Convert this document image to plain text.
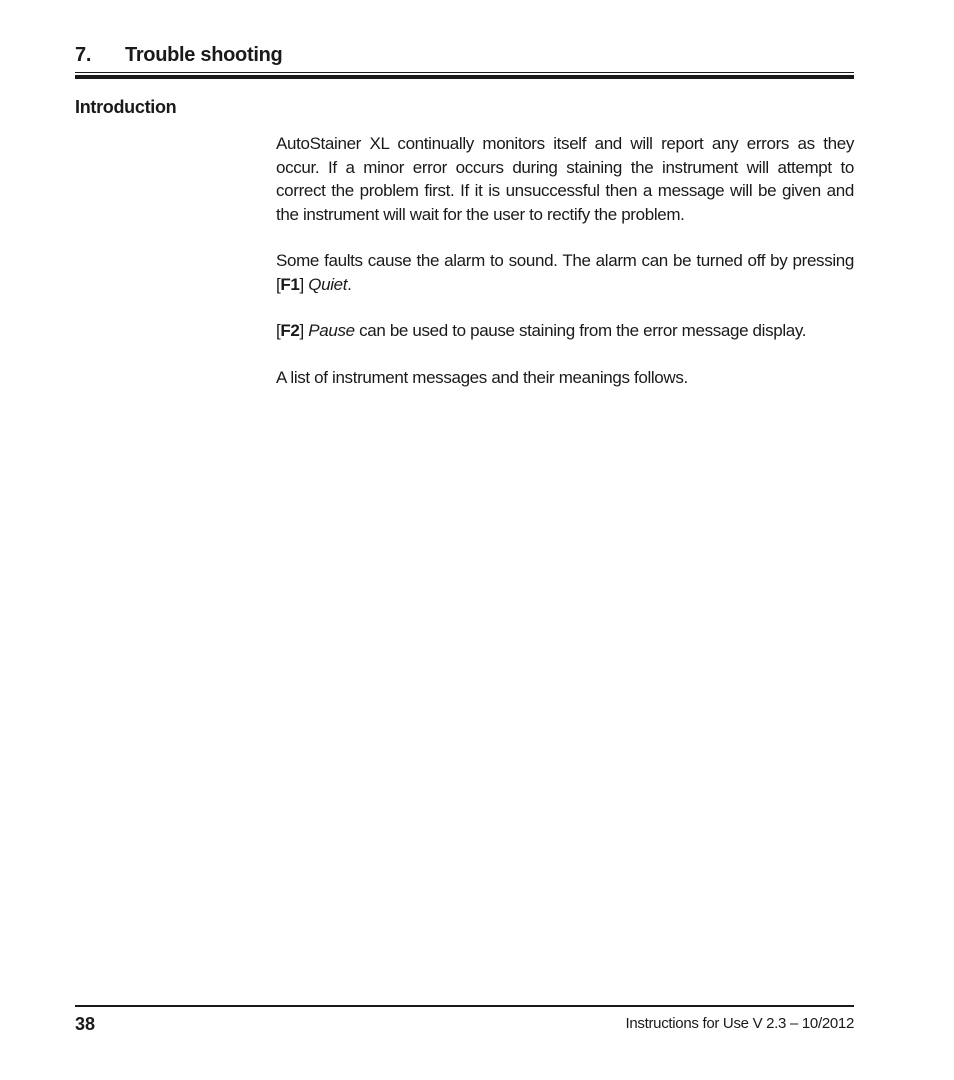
7. Trouble shooting
Introduction

AutoStainer XL continually monitors itself and will report any errors as they occur. If a minor error occurs during staining the instrument will attempt to correct the problem first. If it is unsuccessful then a message will be given and the instrument will wait for the user to rectify the problem.

Some faults cause the alarm to sound. The alarm can be turned off by pressing [F1] Quiet.

[F2] Pause can be used to pause staining from the error message display.

A list of instrument messages and their meanings follows.

38	Instructions for Use V 2.3 – 10/2012
